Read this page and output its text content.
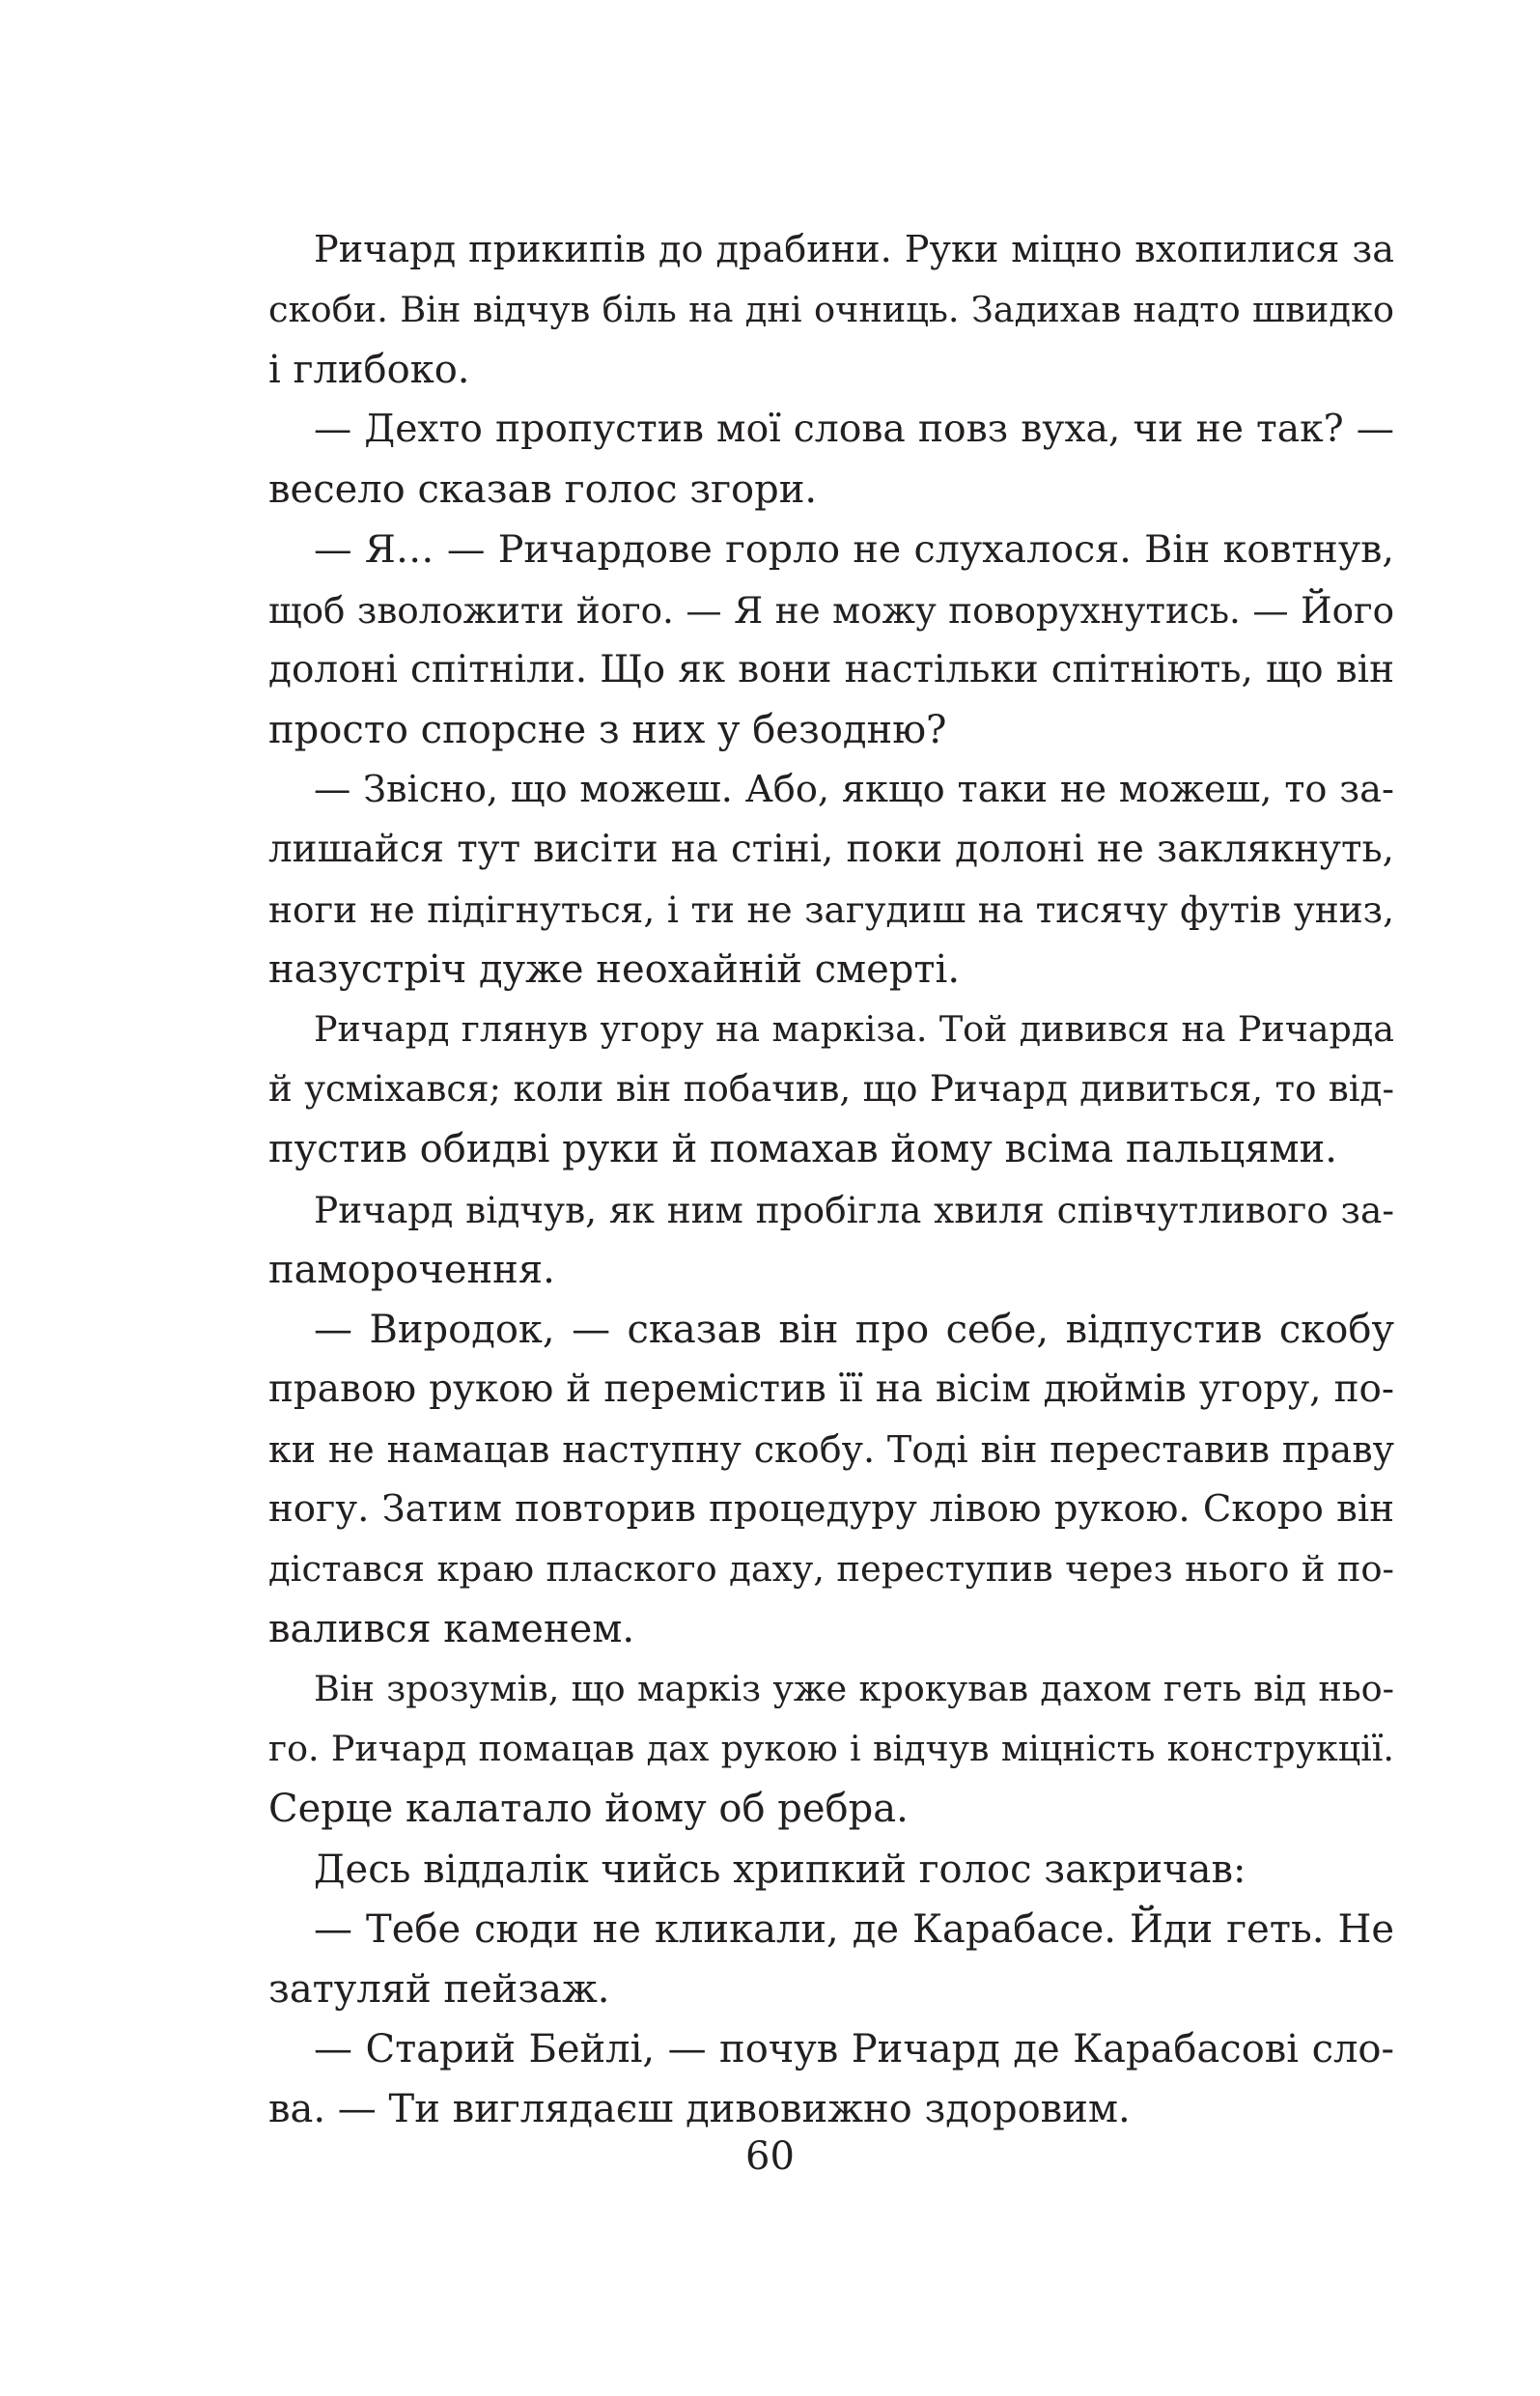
Ричард прикипів до драбини. Руки міцно вхопилися за

скоби. Він відчув біль на дні очниць. Задихав надто швидко

і глибоко.

— Дехто пропустив мої слова повз вуха, чи не так? —

весело сказав голос згори.

— Я… — Ричардове горло не слухалося. Він ковтнув,

щоб зволожити його. — Я не можу поворухнутись. — Його

долоні спітніли. Що як вони настільки спітніють, що він

просто спорсне з них у безодню?

— Звісно, що можеш. Або, якщо таки не можеш, то за-

лишайся тут висіти на стіні, поки долоні не заклякнуть,

ноги не підігнуться, і ти не загудиш на тисячу футів униз,

назустріч дуже неохайній смерті.

Ричард глянув угору на маркіза. Той дивився на Ричарда

й усміхався; коли він побачив, що Ричард дивиться, то від-

пустив обидві руки й помахав йому всіма пальцями.

Ричард відчув, як ним пробігла хвиля співчутливого за-

паморочення.

— Виродок, — сказав він про себе, відпустив скобу

правою рукою й перемістив її на вісім дюймів угору, по-

ки не намацав наступну скобу. Тоді він переставив праву

ногу. Затим повторив процедуру лівою рукою. Скоро він

дістався краю плаского даху, переступив через нього й по-

валився каменем.

Він зрозумів, що маркіз уже крокував дахом геть від ньо-

го. Ричард помацав дах рукою і відчув міцність конструкції.

Серце калатало йому об ребра.

Десь віддалік чийсь хрипкий голос закричав:

— Тебе сюди не кликали, де Карабасе. Йди геть. Не

затуляй пейзаж.

— Старий Бейлі, — почув Ричард де Карабасові сло-

ва. — Ти виглядаєш дивовижно здоровим.

60
